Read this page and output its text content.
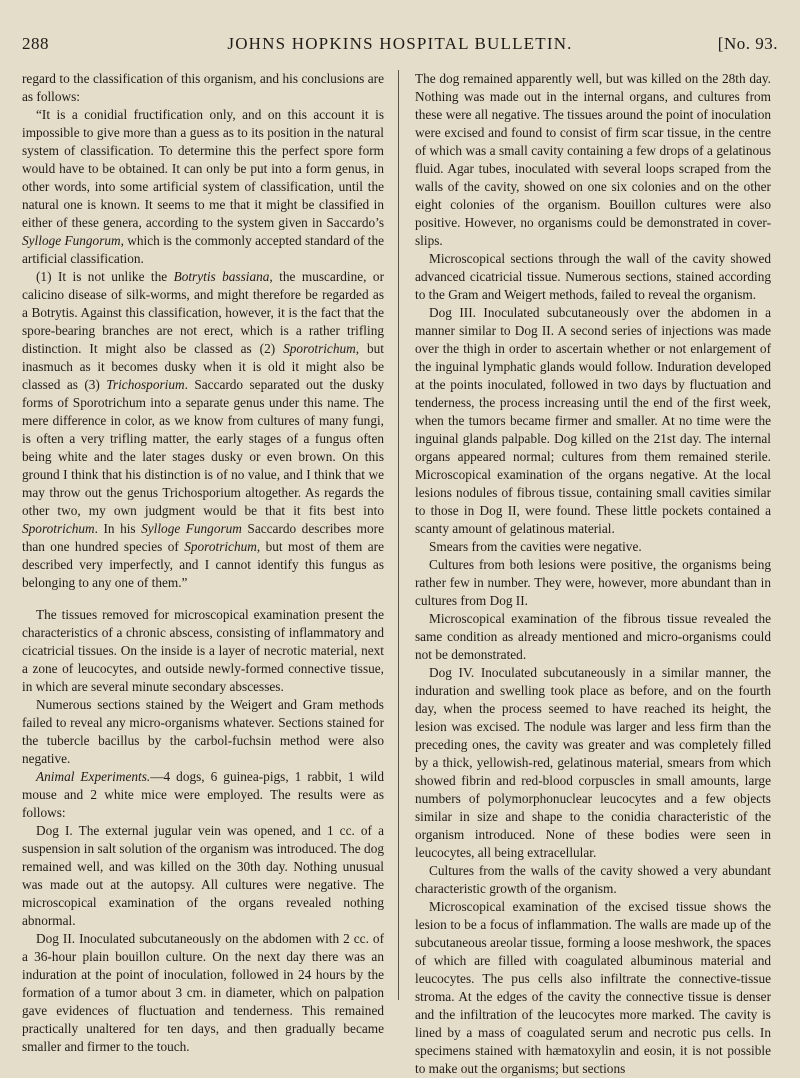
288	JOHNS HOPKINS HOSPITAL BULLETIN.	[No. 93.

regard to the classification of this organism, and his conclusions are as follows:

“It is a conidial fructification only, and on this account it is impossible to give more than a guess as to its position in the natural system of classification. To determine this the perfect spore form would have to be obtained. It can only be put into a form genus, in other words, into some artificial system of classification, until the natural one is known. It seems to me that it might be classified in either of these genera, according to the system given in Saccardo’s Sylloge Fungorum, which is the commonly accepted standard of the artificial classification.

(1) It is not unlike the Botrytis bassiana, the muscardine, or calicino disease of silk-worms, and might therefore be regarded as a Botrytis. Against this classification, however, it is the fact that the spore-bearing branches are not erect, which is a rather trifling distinction. It might also be classed as (2) Sporotrichum, but inasmuch as it becomes dusky when it is old it might also be classed as (3) Trichosporium. Saccardo separated out the dusky forms of Sporotrichum into a separate genus under this name. The mere difference in color, as we know from cultures of many fungi, is often a very trifling matter, the early stages of a fungus often being white and the later stages dusky or even brown. On this ground I think that his distinction is of no value, and I think that we may throw out the genus Trichosporium altogether. As regards the other two, my own judgment would be that it fits best into Sporotrichum. In his Sylloge Fungorum Saccardo describes more than one hundred species of Sporotrichum, but most of them are described very imperfectly, and I cannot identify this fungus as belonging to any one of them.”

The tissues removed for microscopical examination present the characteristics of a chronic abscess, consisting of inflammatory and cicatricial tissues. On the inside is a layer of necrotic material, next a zone of leucocytes, and outside newly-formed connective tissue, in which are several minute secondary abscesses.

Numerous sections stained by the Weigert and Gram methods failed to reveal any micro-organisms whatever. Sections stained for the tubercle bacillus by the carbol-fuchsin method were also negative.

Animal Experiments.—4 dogs, 6 guinea-pigs, 1 rabbit, 1 wild mouse and 2 white mice were employed. The results were as follows:

Dog I. The external jugular vein was opened, and 1 cc. of a suspension in salt solution of the organism was introduced. The dog remained well, and was killed on the 30th day. Nothing unusual was made out at the autopsy. All cultures were negative. The microscopical examination of the organs revealed nothing abnormal.

Dog II. Inoculated subcutaneously on the abdomen with 2 cc. of a 36-hour plain bouillon culture. On the next day there was an induration at the point of inoculation, followed in 24 hours by the formation of a tumor about 3 cm. in diameter, which on palpation gave evidences of fluctuation and tenderness. This remained practically unaltered for ten days, and then gradually became smaller and firmer to the touch.

The dog remained apparently well, but was killed on the 28th day. Nothing was made out in the internal organs, and cultures from these were all negative. The tissues around the point of inoculation were excised and found to consist of firm scar tissue, in the centre of which was a small cavity containing a few drops of a gelatinous fluid. Agar tubes, inoculated with several loops scraped from the walls of the cavity, showed on one six colonies and on the other eight colonies of the organism. Bouillon cultures were also positive. However, no organisms could be demonstrated in cover-slips.

Microscopical sections through the wall of the cavity showed advanced cicatricial tissue. Numerous sections, stained according to the Gram and Weigert methods, failed to reveal the organism.

Dog III. Inoculated subcutaneously over the abdomen in a manner similar to Dog II. A second series of injections was made over the thigh in order to ascertain whether or not enlargement of the inguinal lymphatic glands would follow. Induration developed at the points inoculated, followed in two days by fluctuation and tenderness, the process increasing until the end of the first week, when the tumors became firmer and smaller. At no time were the inguinal glands palpable. Dog killed on the 21st day. The internal organs appeared normal; cultures from them remained sterile. Microscopical examination of the organs negative. At the local lesions nodules of fibrous tissue, containing small cavities similar to those in Dog II, were found. These little pockets contained a scanty amount of gelatinous material.

Smears from the cavities were negative.

Cultures from both lesions were positive, the organisms being rather few in number. They were, however, more abundant than in cultures from Dog II.

Microscopical examination of the fibrous tissue revealed the same condition as already mentioned and micro-organisms could not be demonstrated.

Dog IV. Inoculated subcutaneously in a similar manner, the induration and swelling took place as before, and on the fourth day, when the process seemed to have reached its height, the lesion was excised. The nodule was larger and less firm than the preceding ones, the cavity was greater and was completely filled by a thick, yellowish-red, gelatinous material, smears from which showed fibrin and red-blood corpuscles in small amounts, large numbers of polymorphonuclear leucocytes and a few objects similar in size and shape to the conidia characteristic of the organism introduced. None of these bodies were seen in leucocytes, all being extracellular.

Cultures from the walls of the cavity showed a very abundant characteristic growth of the organism.

Microscopical examination of the excised tissue shows the lesion to be a focus of inflammation. The walls are made up of the subcutaneous areolar tissue, forming a loose meshwork, the spaces of which are filled with coagulated albuminous material and leucocytes. The pus cells also infiltrate the connective-tissue stroma. At the edges of the cavity the connective tissue is denser and the infiltration of the leucocytes more marked. The cavity is lined by a mass of coagulated serum and necrotic pus cells. In specimens stained with hæmatoxylin and eosin, it is not possible to make out the organisms; but sections
